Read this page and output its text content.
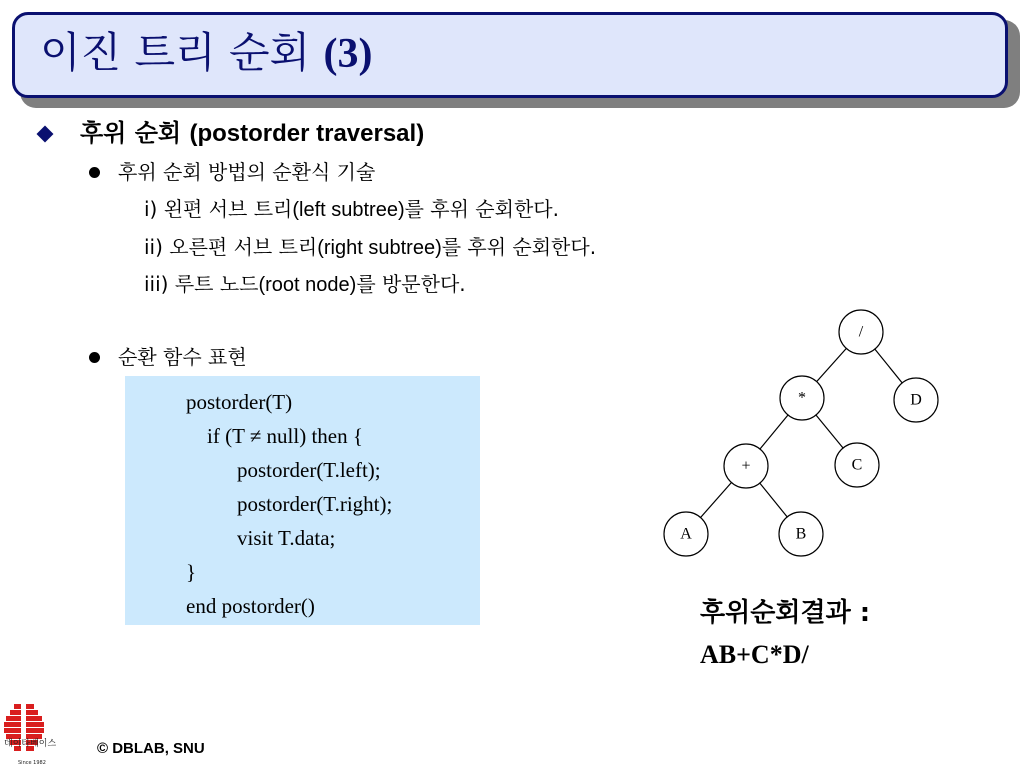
이진 트리 순회 (3)
후위 순회 (postorder traversal)
후위 순회 방법의 순환식 기술
i) 왼편 서브 트리(left subtree)를 후위 순회한다.
ii) 오른편 서브 트리(right subtree)를 후위 순회한다.
iii) 루트 노드(root node)를 방문한다.
순환 함수 표현
postorder(T)
if (T ≠ null) then {
postorder(T.left);
postorder(T.right);
visit T.data;
}
end postorder()
/
*	D
+	C
A	B
후위순회결과 :
AB+C*D/
데이타베이스
Since 1982
© DBLAB, SNU
